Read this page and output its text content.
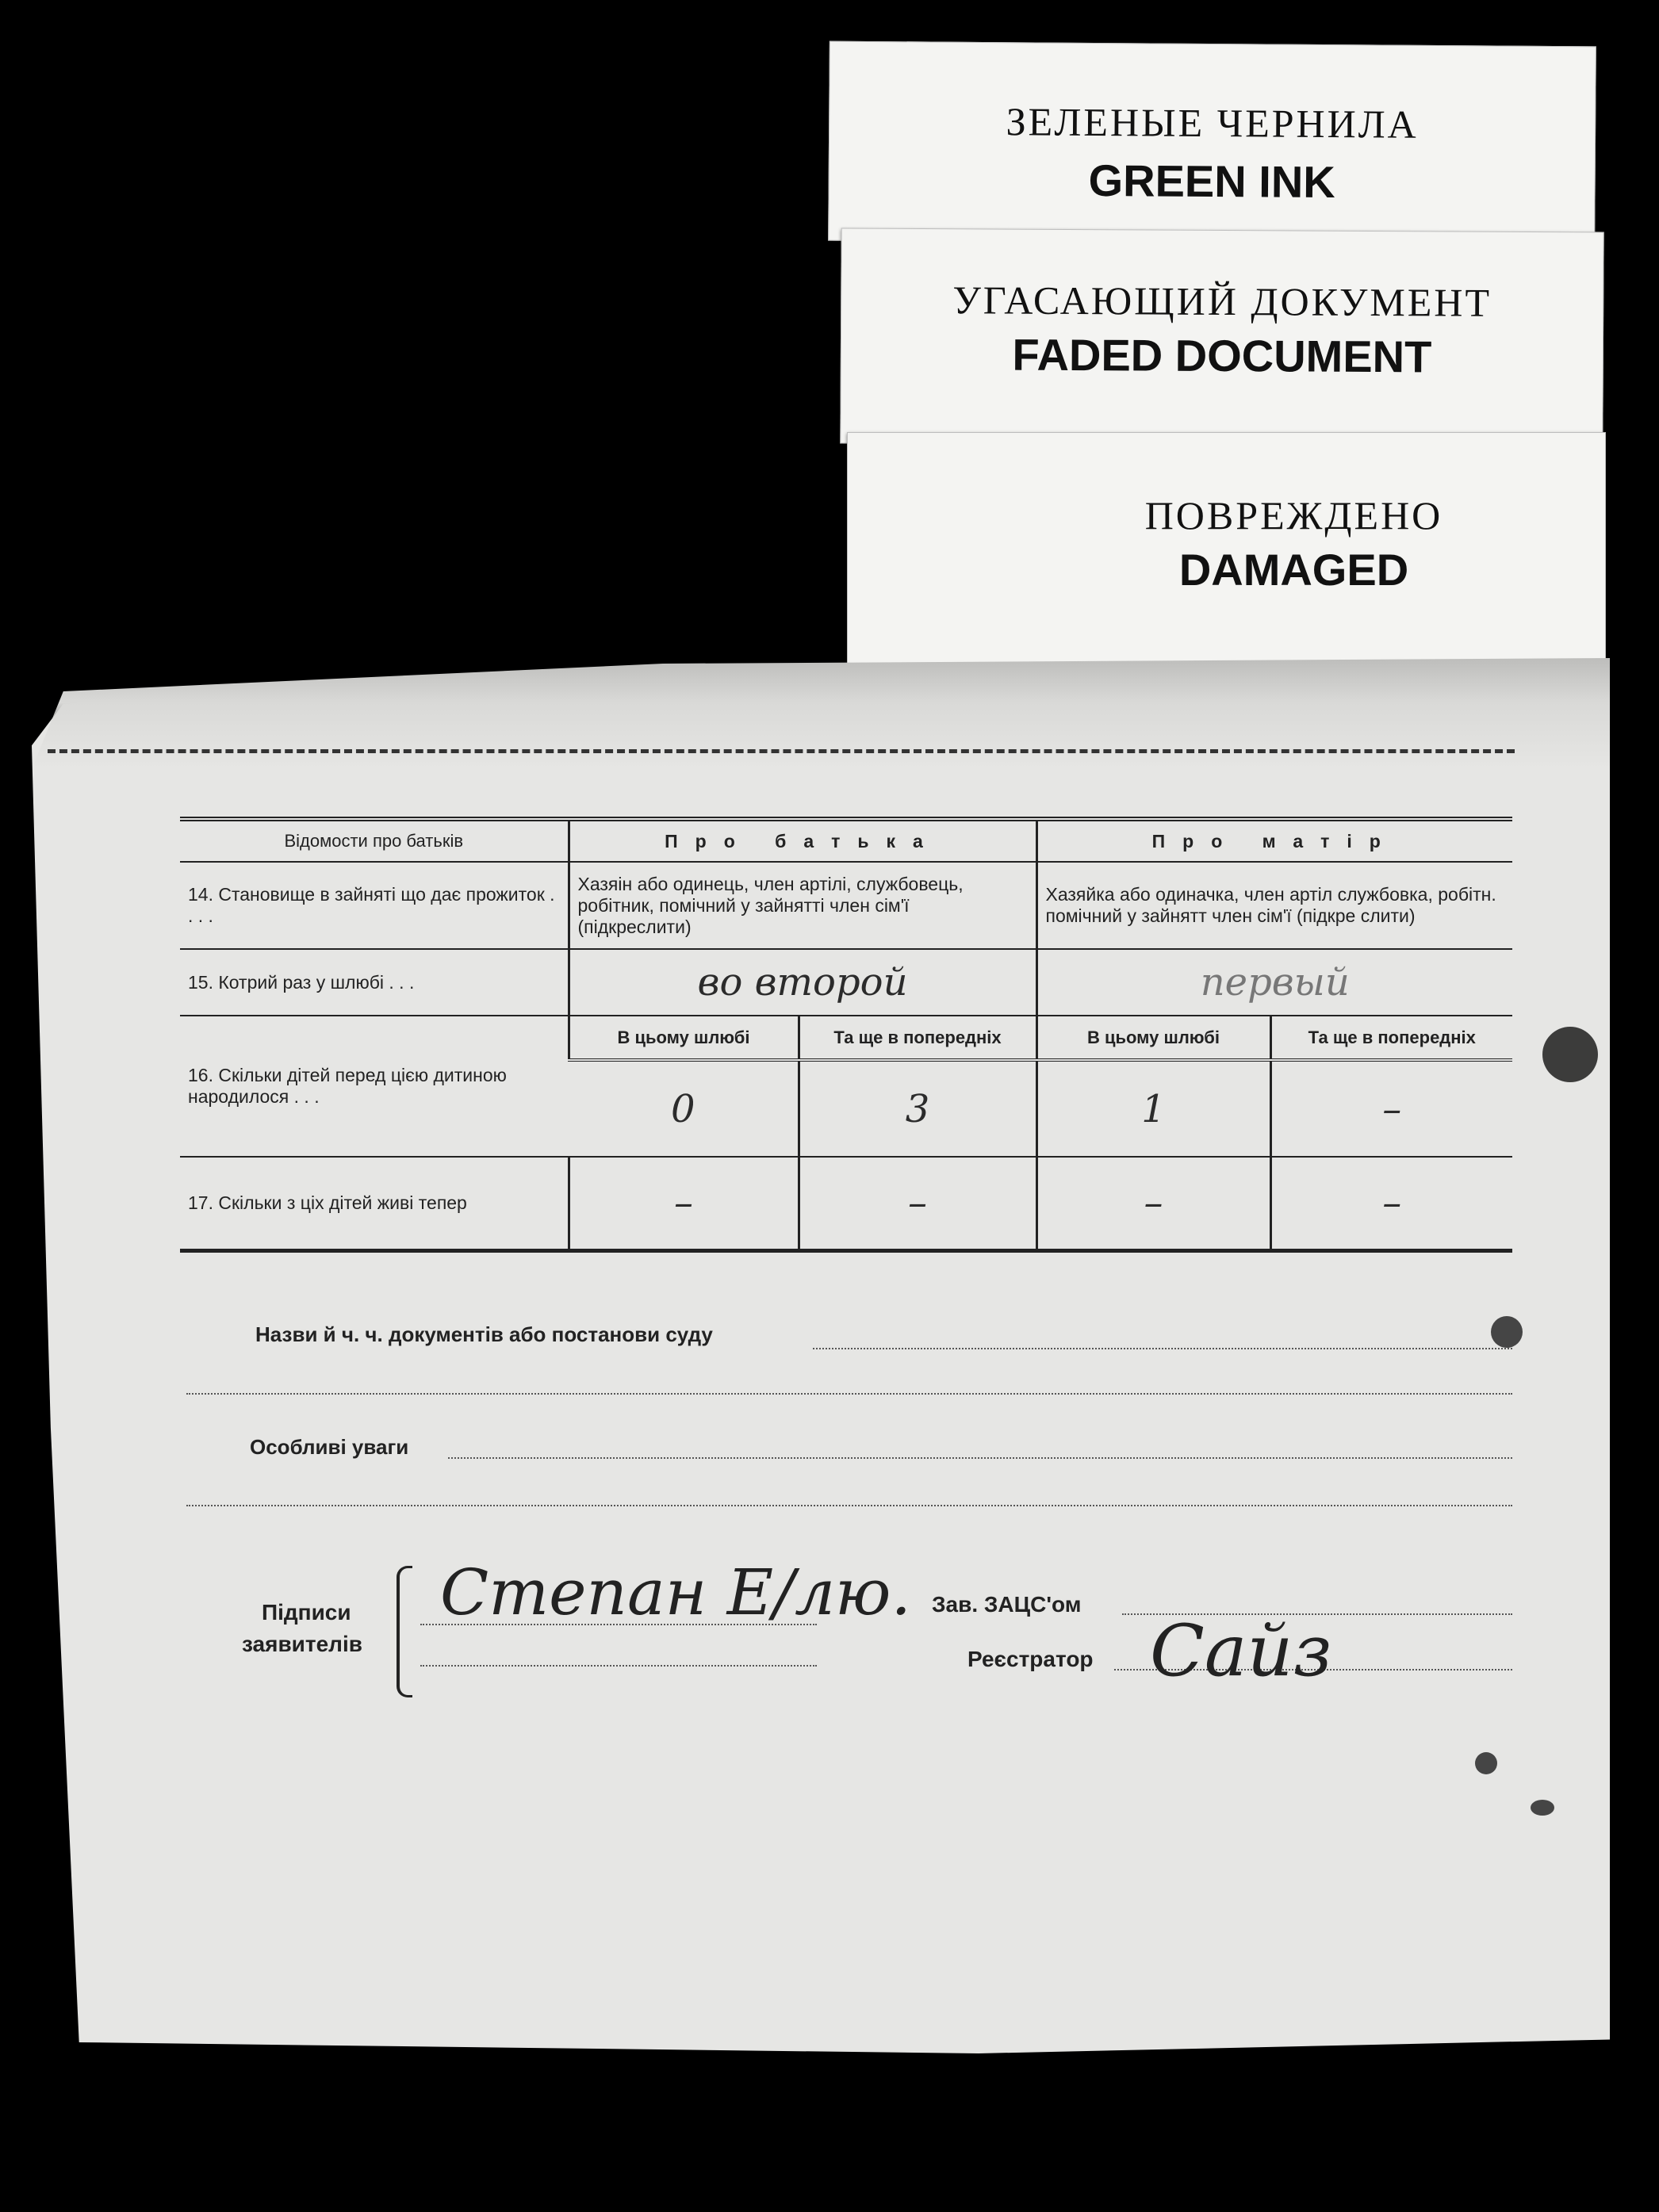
ЗЕЛЕНЫЕ ЧЕРНИЛА
GREEN INK
УГАСАЮЩИЙ ДОКУМЕНТ
FADED DOCUMENT
ПОВРЕЖДЕНО
DAMAGED
Відомости про батьків	Про батька		Про матір	
14. Становище в зайняті що дає прожиток . . . .	Хазяін або одинець, член артілі, службовець, робітник, помічний у зайнятті член сім'ї (підкреслити)		Хазяйка або одиначка, член артіл службовка, робітн. помічний у зайнятт член сім'ї (підкре слити)	
15. Котрий раз у шлюбі . . .	во второй		первый	
16. Скільки дітей перед цією дитиною народилося . . .	В цьому шлюбі	Та ще в попередніх	В цьому шлюбі	Та ще в попередніх
	0	3	1	–
17. Скільки з ціх дітей живі тепер	–	–	–	–
Назви й ч. ч. документів або постанови суду
Особливі уваги
Підписи
заявителів
Степан Е/лю. Зав. ЗАЦС'ом
Реєстратор Сайз
